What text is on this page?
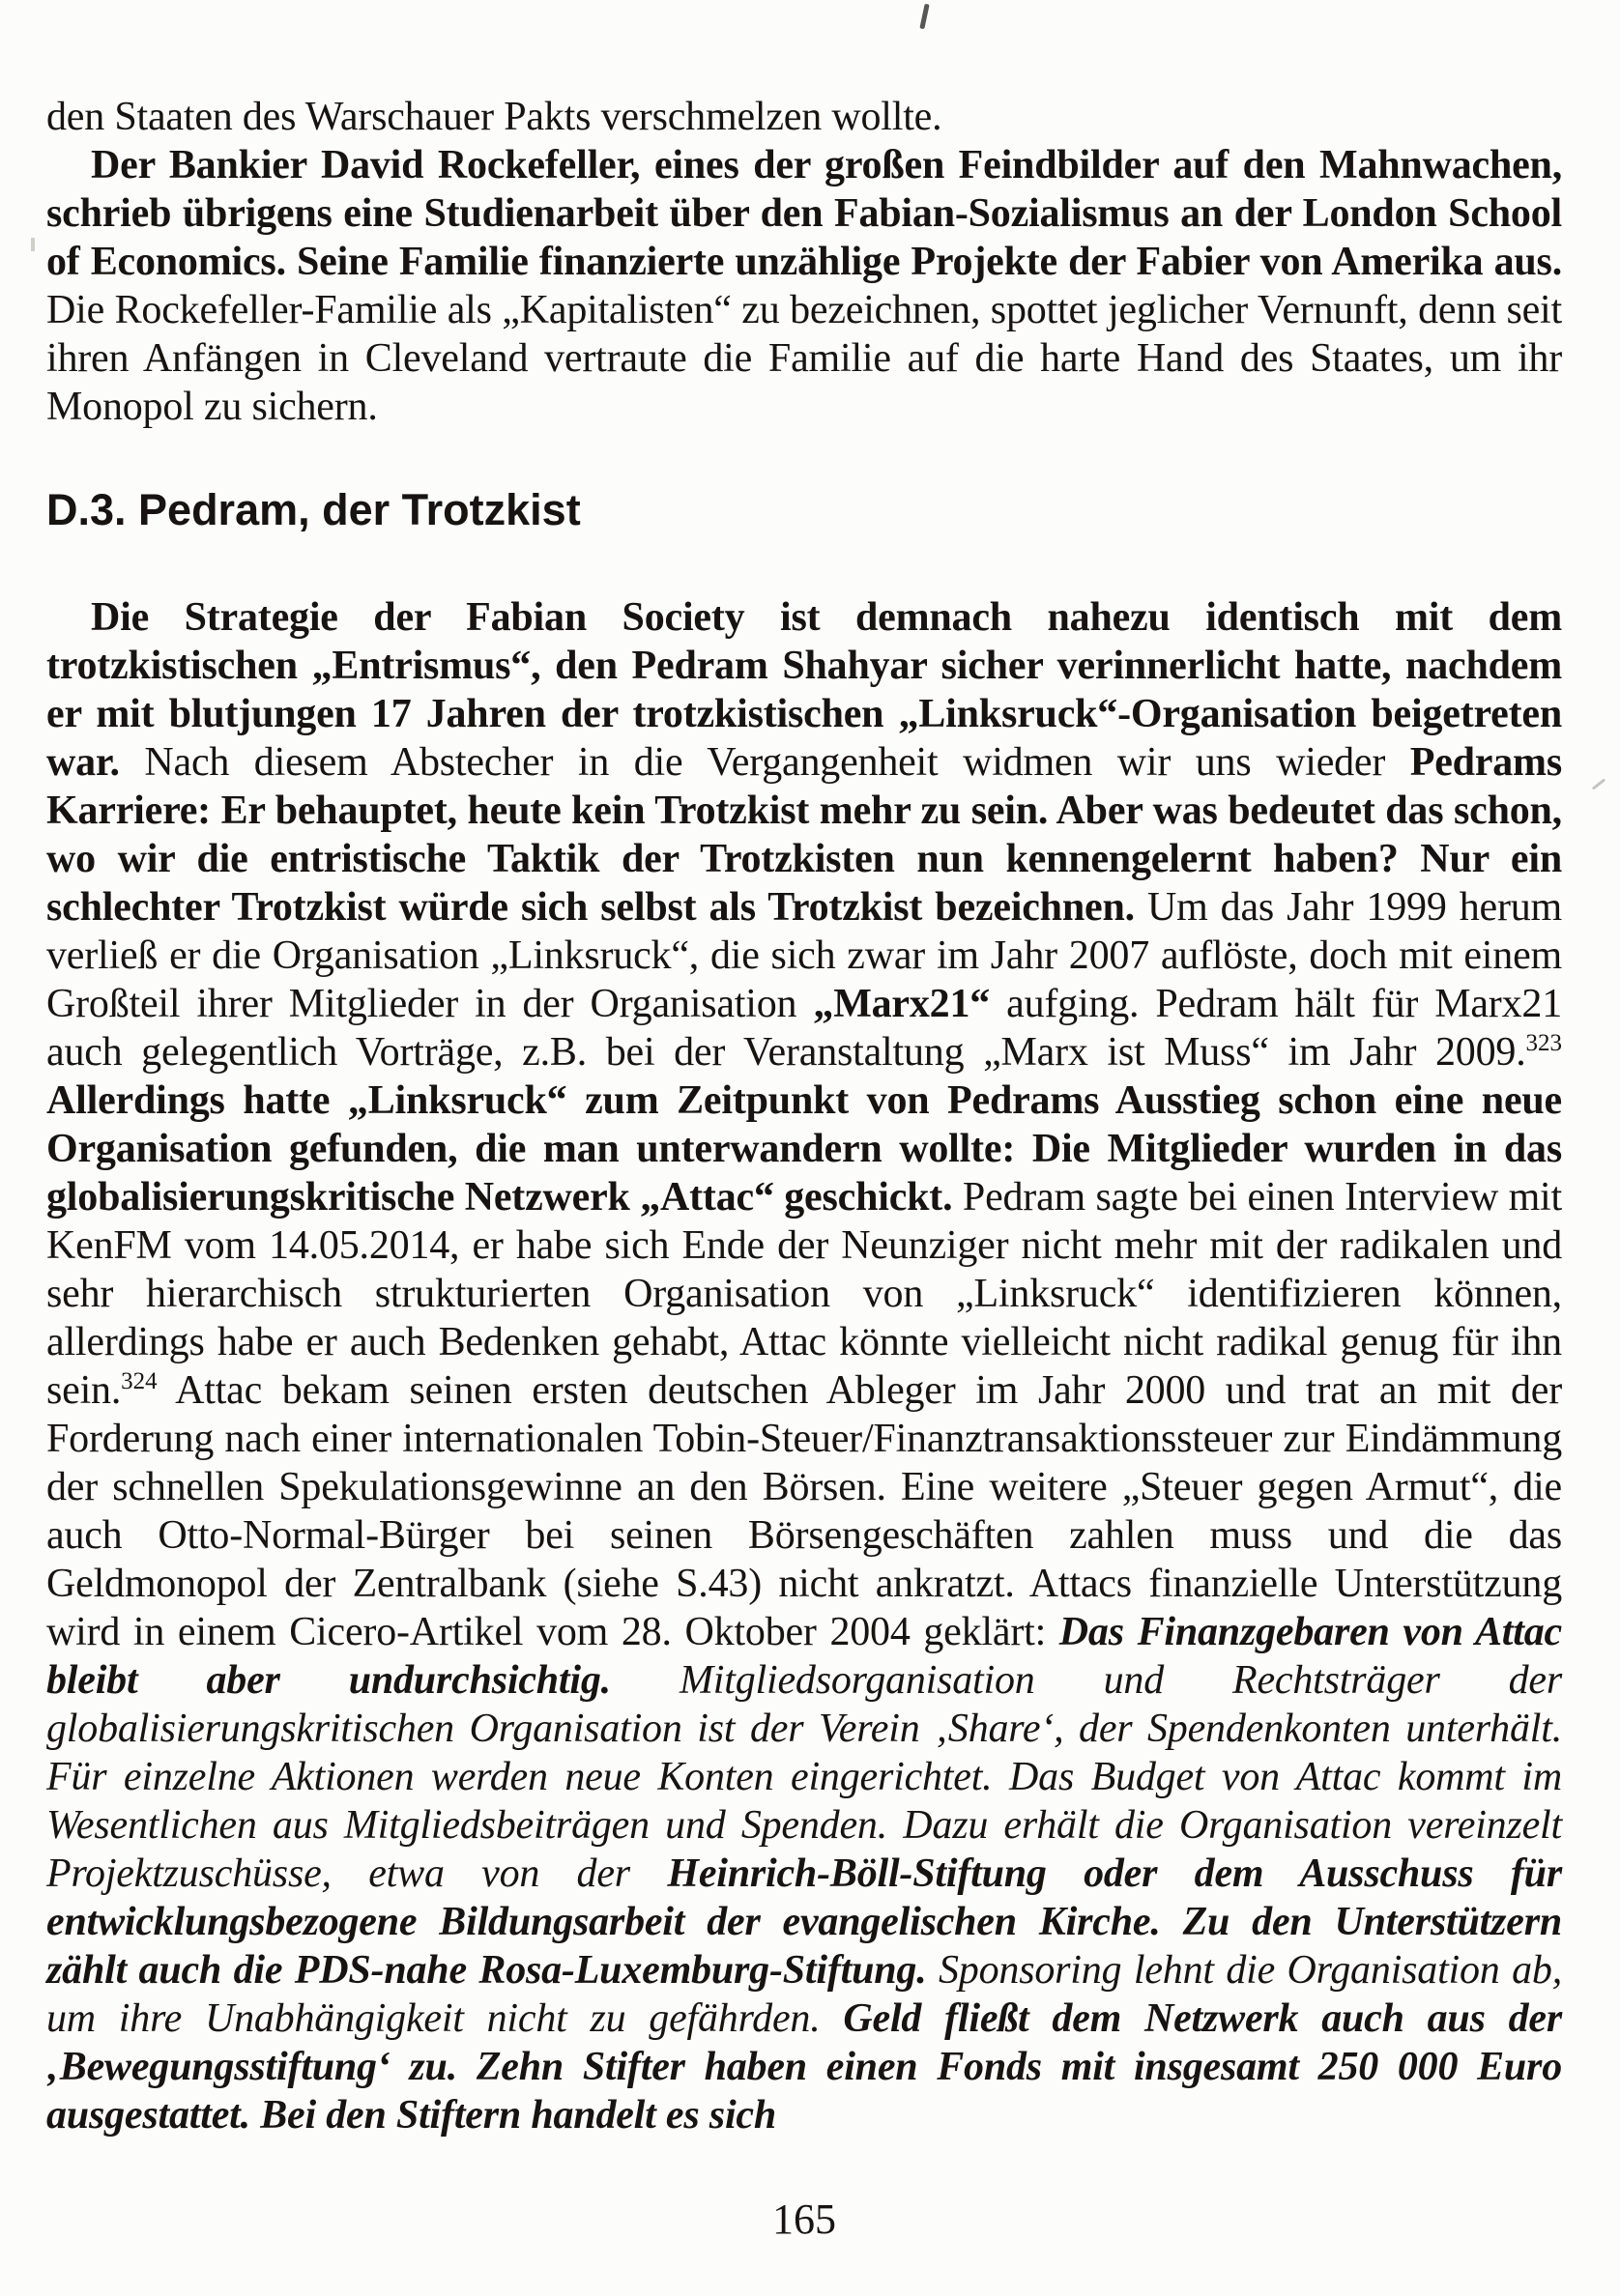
den Staaten des Warschauer Pakts verschmelzen wollte.

Der Bankier David Rockefeller, eines der großen Feindbilder auf den Mahnwachen, schrieb übrigens eine Studienarbeit über den Fabian-Sozialismus an der London School of Economics. Seine Familie finanzierte unzählige Projekte der Fabier von Amerika aus. Die Rockefeller-Familie als „Kapitalisten“ zu bezeichnen, spottet jeglicher Vernunft, denn seit ihren Anfängen in Cleveland vertraute die Familie auf die harte Hand des Staates, um ihr Monopol zu sichern.

D.3. Pedram, der Trotzkist

Die Strategie der Fabian Society ist demnach nahezu identisch mit dem trotzkistischen „Entrismus“, den Pedram Shahyar sicher verinnerlicht hatte, nachdem er mit blutjungen 17 Jahren der trotzkistischen „Linksruck“-Organisation beigetreten war. Nach diesem Abstecher in die Vergangenheit widmen wir uns wieder Pedrams Karriere: Er behauptet, heute kein Trotzkist mehr zu sein. Aber was bedeutet das schon, wo wir die entristische Taktik der Trotzkisten nun kennengelernt haben? Nur ein schlechter Trotzkist würde sich selbst als Trotzkist bezeichnen. Um das Jahr 1999 herum verließ er die Organisation „Linksruck“, die sich zwar im Jahr 2007 auflöste, doch mit einem Großteil ihrer Mitglieder in der Organisation „Marx21“ aufging. Pedram hält für Marx21 auch gelegentlich Vorträge, z.B. bei der Veranstaltung „Marx ist Muss“ im Jahr 2009.$^{323}$ Allerdings hatte „Linksruck“ zum Zeitpunkt von Pedrams Ausstieg schon eine neue Organisation gefunden, die man unterwandern wollte: Die Mitglieder wurden in das globalisierungskritische Netzwerk „Attac“ geschickt. Pedram sagte bei einen Interview mit KenFM vom 14.05.2014, er habe sich Ende der Neunziger nicht mehr mit der radikalen und sehr hierarchisch strukturierten Organisation von „Linksruck“ identifizieren können, allerdings habe er auch Bedenken gehabt, Attac könnte vielleicht nicht radikal genug für ihn sein.$^{324}$ Attac bekam seinen ersten deutschen Ableger im Jahr 2000 und trat an mit der Forderung nach einer internationalen Tobin-Steuer/Finanztransaktionssteuer zur Eindämmung der schnellen Spekulationsgewinne an den Börsen. Eine weitere „Steuer gegen Armut“, die auch Otto-Normal-Bürger bei seinen Börsengeschäften zahlen muss und die das Geldmonopol der Zentralbank (siehe S.43) nicht ankratzt. Attacs finanzielle Unterstützung wird in einem Cicero-Artikel vom 28. Oktober 2004 geklärt: Das Finanzgebaren von Attac bleibt aber undurchsichtig. Mitgliedsorganisation und Rechtsträger der globalisierungskritischen Organisation ist der Verein ‚Share‘, der Spendenkonten unterhält. Für einzelne Aktionen werden neue Konten eingerichtet. Das Budget von Attac kommt im Wesentlichen aus Mitgliedsbeiträgen und Spenden. Dazu erhält die Organisation vereinzelt Projektzuschüsse, etwa von der Heinrich-Böll-Stiftung oder dem Ausschuss für entwicklungsbezogene Bildungsarbeit der evangelischen Kirche. Zu den Unterstützern zählt auch die PDS-nahe Rosa-Luxemburg-Stiftung. Sponsoring lehnt die Organisation ab, um ihre Unabhängigkeit nicht zu gefährden. Geld fließt dem Netzwerk auch aus der ‚Bewegungsstiftung‘ zu. Zehn Stifter haben einen Fonds mit insgesamt 250 000 Euro ausgestattet. Bei den Stiftern handelt es sich

165
